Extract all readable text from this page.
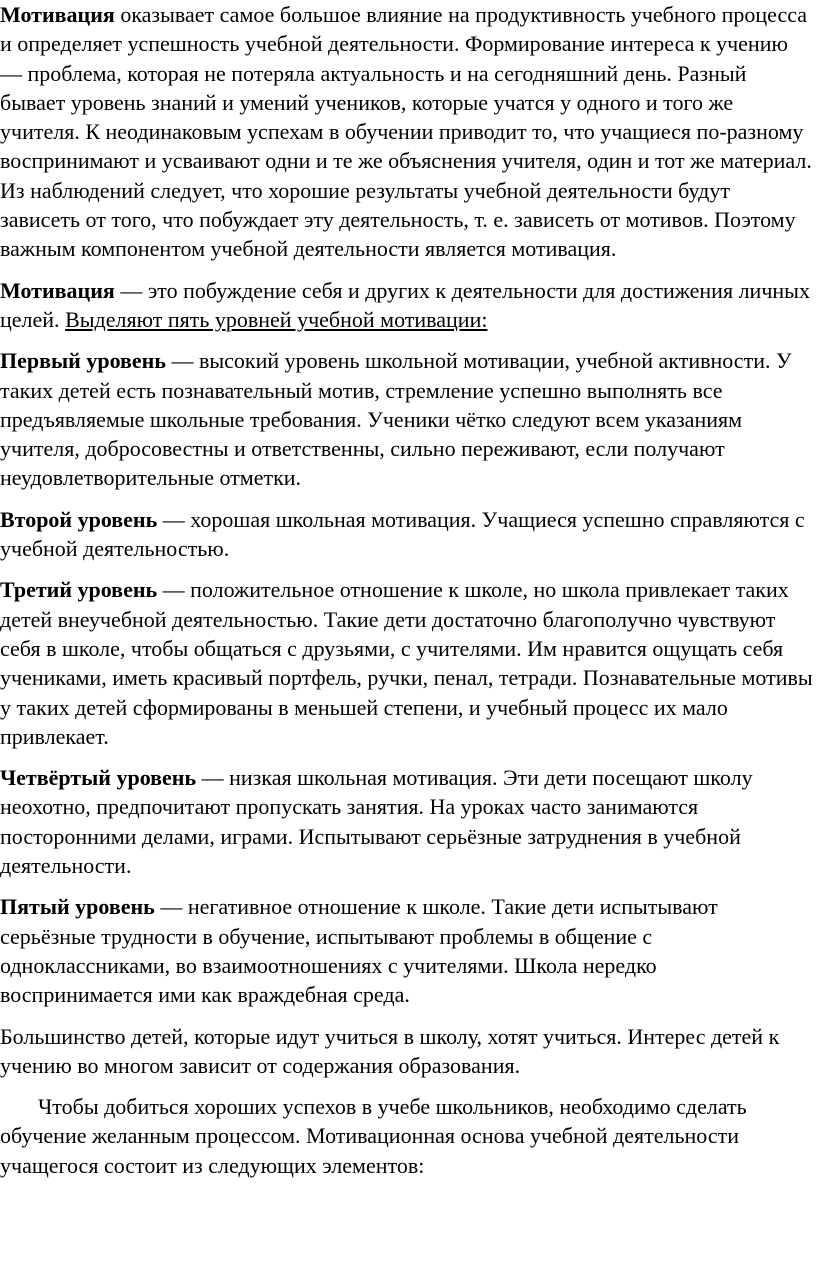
Мотивация оказывает самое большое влияние на продуктивность учебного процесса и определяет успешность учебной деятельности. Формирование интереса к учению — проблема, которая не потеряла актуальность и на сегодняшний день. Разный бывает уровень знаний и умений учеников, которые учатся у одного и того же учителя. К неодинаковым успехам в обучении приводит то, что учащиеся по-разному воспринимают и усваивают одни и те же объяснения учителя, один и тот же материал. Из наблюдений следует, что хорошие результаты учебной деятельности будут зависеть от того, что побуждает эту деятельность, т. е. зависеть от мотивов. Поэтому важным компонентом учебной деятельности является мотивация.

Мотивация — это побуждение себя и других к деятельности для достижения личных целей. Выделяют пять уровней учебной мотивации:

Первый уровень — высокий уровень школьной мотивации, учебной активности. У таких детей есть познавательный мотив, стремление успешно выполнять все предъявляемые школьные требования. Ученики чётко следуют всем указаниям учителя, добросовестны и ответственны, сильно переживают, если получают неудовлетворительные отметки.

Второй уровень — хорошая школьная мотивация. Учащиеся успешно справляются с учебной деятельностью.

Третий уровень — положительное отношение к школе, но школа привлекает таких детей внеучебной деятельностью. Такие дети достаточно благополучно чувствуют себя в школе, чтобы общаться с друзьями, с учителями. Им нравится ощущать себя учениками, иметь красивый портфель, ручки, пенал, тетради. Познавательные мотивы у таких детей сформированы в меньшей степени, и учебный процесс их мало привлекает.

Четвёртый уровень — низкая школьная мотивация. Эти дети посещают школу неохотно, предпочитают пропускать занятия. На уроках часто занимаются посторонними делами, играми. Испытывают серьёзные затруднения в учебной деятельности.

Пятый уровень — негативное отношение к школе. Такие дети испытывают серьёзные трудности в обучение, испытывают проблемы в общение с одноклассниками, во взаимоотношениях с учителями. Школа нередко воспринимается ими как враждебная среда.

Большинство детей, которые идут учиться в школу, хотят учиться. Интерес детей к учению во многом зависит от содержания образования.

Чтобы добиться хороших успехов в учебе школьников, необходимо сделать обучение желанным процессом. Мотивационная основа учебной деятельности учащегося состоит из следующих элементов:
